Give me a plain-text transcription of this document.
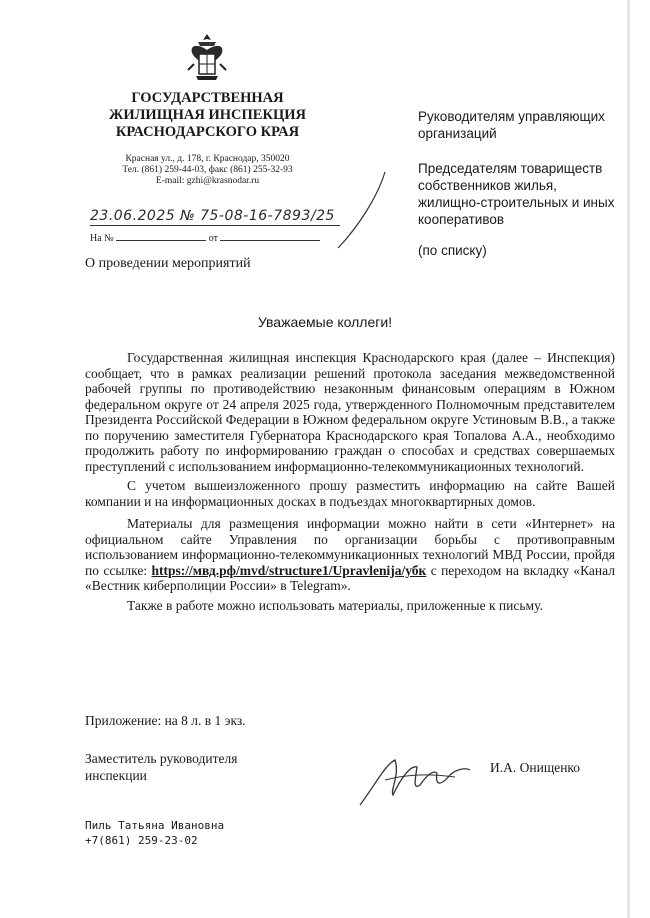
ГОСУДАРСТВЕННАЯ
ЖИЛИЩНАЯ ИНСПЕКЦИЯ
КРАСНОДАРСКОГО КРАЯ
Красная ул., д. 178, г. Краснодар, 350020
Тел. (861) 259-44-03, факс (861) 255-32-93
E-mail: gzhi@krasnodar.ru
23.06.2025 № 75-08-16-7893/25
На №	от

Руководителям управляющих организаций

Председателям товариществ собственников жилья, жилищно-строительных и иных кооперативов

(по списку)
О проведении мероприятий
Уважаемые коллеги!

Государственная жилищная инспекция Краснодарского края (далее – Инспекция) сообщает, что в рамках реализации решений протокола заседания межведомственной рабочей группы по противодействию незаконным финансовым операциям в Южном федеральном округе от 24 апреля 2025 года, утвержденного Полномочным представителем Президента Российской Федерации в Южном федеральном округе Устиновым В.В., а также по поручению заместителя Губернатора Краснодарского края Топалова А.А., необходимо продолжить работу по информированию граждан о способах и средствах совершаемых преступлений с использованием информационно-телекоммуникационных технологий.

С учетом вышеизложенного прошу разместить информацию на сайте Вашей компании и на информационных досках в подъездах многоквартирных домов.

Материалы для размещения информации можно найти в сети «Интернет» на официальном сайте Управления по организации борьбы с противоправным использованием информационно-телекоммуникационных технологий МВД России, пройдя по ссылке: https://мвд.рф/mvd/structure1/Upravlenija/убк с переходом на вкладку «Канал «Вестник киберполиции России» в Telegram».

Также в работе можно использовать материалы, приложенные к письму.

Приложение: на 8 л. в 1 экз.
Заместитель руководителя
инспекции
И.А. Онищенко
Пиль Татьяна Ивановна
+7(861) 259-23-02
